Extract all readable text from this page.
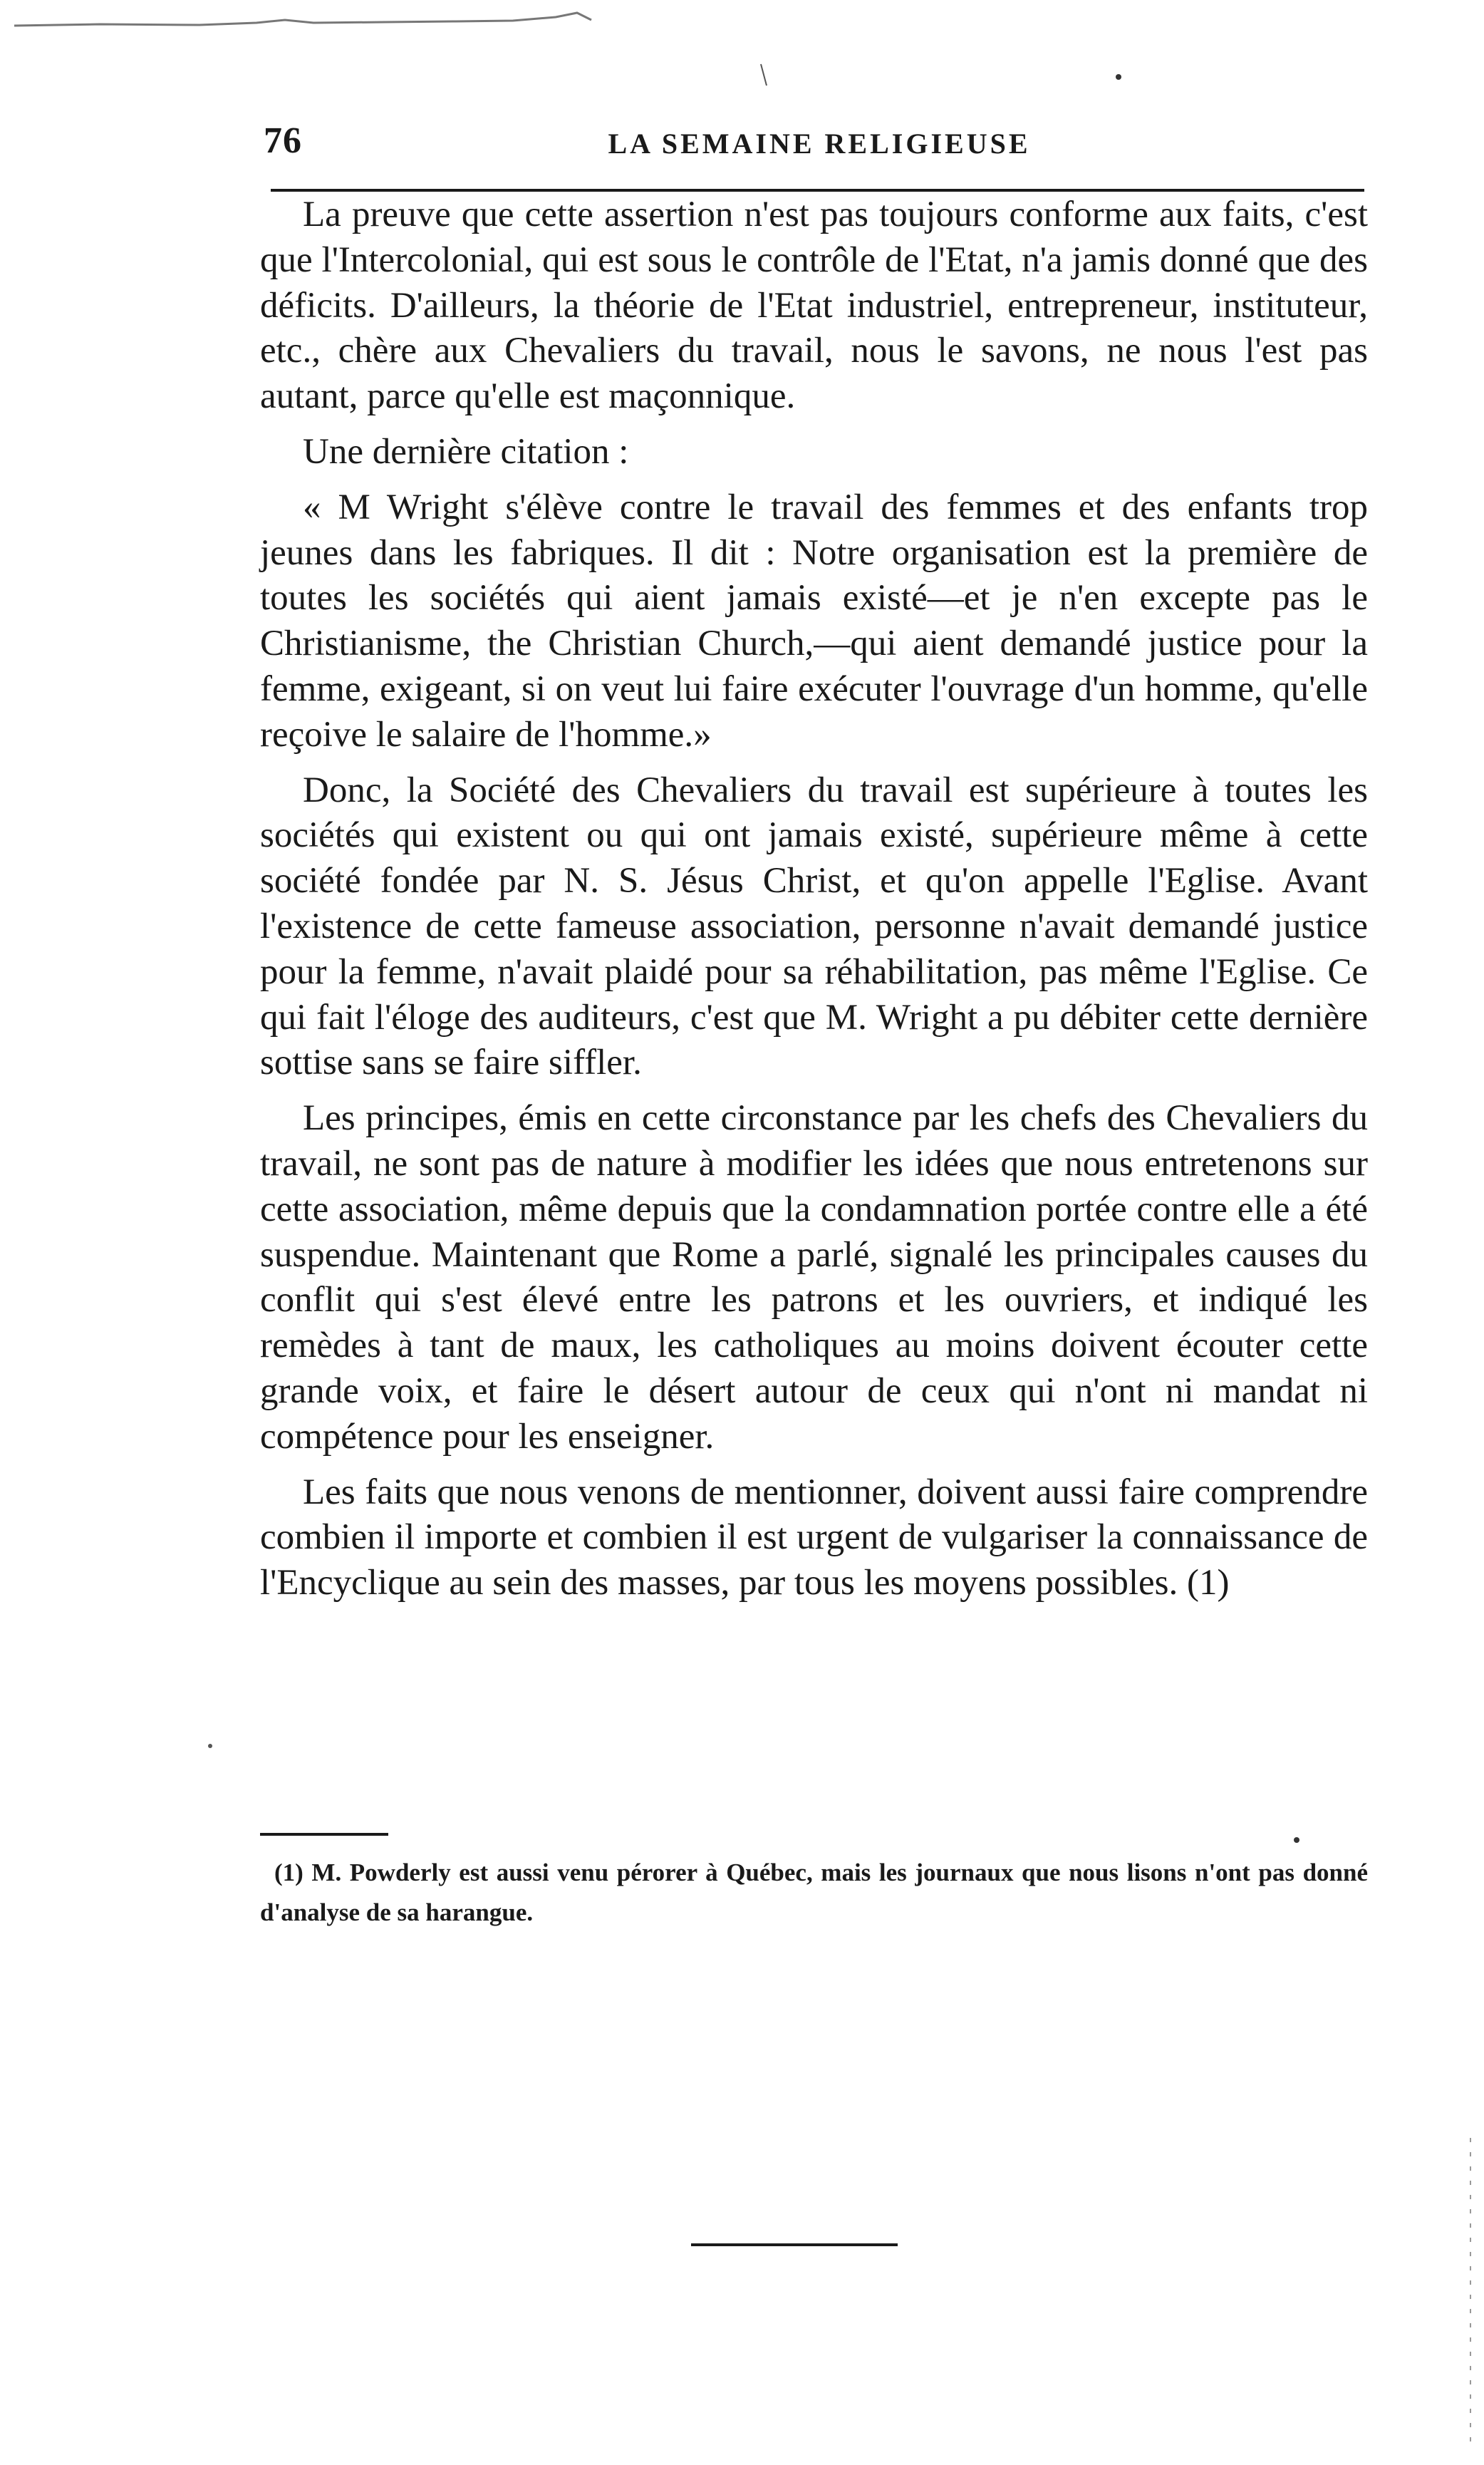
76	LA SEMAINE RELIGIEUSE

La preuve que cette assertion n'est pas toujours conforme aux faits, c'est que l'Intercolonial, qui est sous le contrôle de l'Etat, n'a jamis donné que des déficits. D'ailleurs, la théorie de l'Etat industriel, entrepreneur, instituteur, etc., chère aux Chevaliers du travail, nous le savons, ne nous l'est pas autant, parce qu'elle est maçonnique.

Une dernière citation :

« M Wright s'élève contre le travail des femmes et des enfants trop jeunes dans les fabriques. Il dit : Notre organisation est la première de toutes les sociétés qui aient jamais existé—et je n'en excepte pas le Christianisme, the Christian Church,—qui aient demandé justice pour la femme, exigeant, si on veut lui faire exécuter l'ouvrage d'un homme, qu'elle reçoive le salaire de l'homme.»

Donc, la Société des Chevaliers du travail est supérieure à toutes les sociétés qui existent ou qui ont jamais existé, supérieure même à cette société fondée par N. S. Jésus Christ, et qu'on appelle l'Eglise. Avant l'existence de cette fameuse association, personne n'avait demandé justice pour la femme, n'avait plaidé pour sa réhabilitation, pas même l'Eglise. Ce qui fait l'éloge des auditeurs, c'est que M. Wright a pu débiter cette dernière sottise sans se faire siffler.

Les principes, émis en cette circonstance par les chefs des Chevaliers du travail, ne sont pas de nature à modifier les idées que nous entretenons sur cette association, même depuis que la condamnation portée contre elle a été suspendue. Maintenant que Rome a parlé, signalé les principales causes du conflit qui s'est élevé entre les patrons et les ouvriers, et indiqué les remèdes à tant de maux, les catholiques au moins doivent écouter cette grande voix, et faire le désert autour de ceux qui n'ont ni mandat ni compétence pour les enseigner.

Les faits que nous venons de mentionner, doivent aussi faire comprendre combien il importe et combien il est urgent de vulgariser la connaissance de l'Encyclique au sein des masses, par tous les moyens possibles. (1)

(1) M. Powderly est aussi venu pérorer à Québec, mais les journaux que nous lisons n'ont pas donné d'analyse de sa harangue.
